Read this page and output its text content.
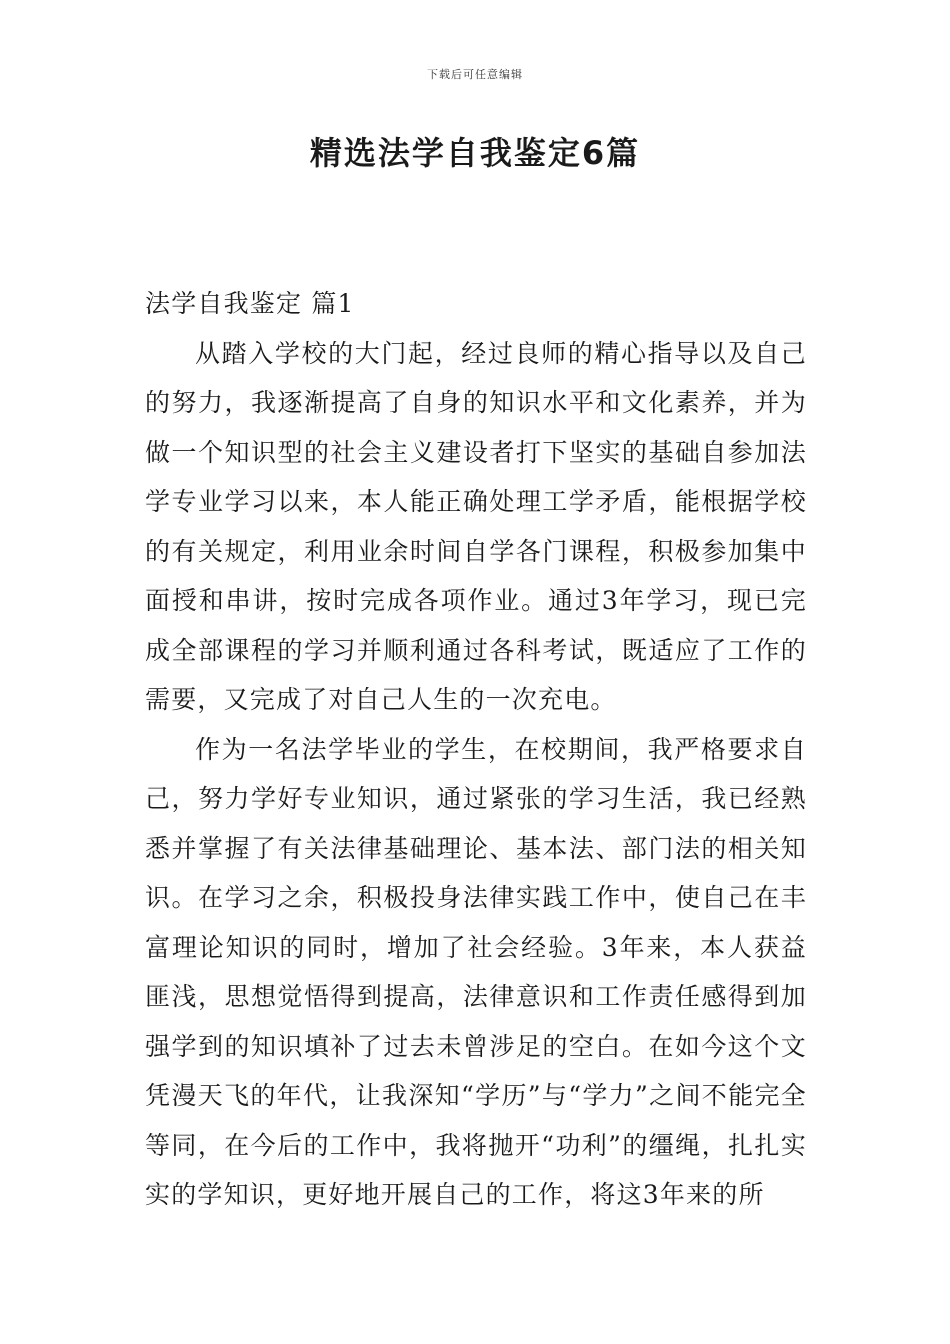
下载后可任意编辑
精选法学自我鉴定6篇
法学自我鉴定 篇1

从踏入学校的大门起，经过良师的精心指导以及自己的努力，我逐渐提高了自身的知识水平和文化素养，并为做一个知识型的社会主义建设者打下坚实的基础自参加法学专业学习以来，本人能正确处理工学矛盾，能根据学校的有关规定，利用业余时间自学各门课程，积极参加集中面授和串讲，按时完成各项作业。通过3年学习，现已完成全部课程的学习并顺利通过各科考试，既适应了工作的需要，又完成了对自己人生的一次充电。

作为一名法学毕业的学生，在校期间，我严格要求自己，努力学好专业知识，通过紧张的学习生活，我已经熟悉并掌握了有关法律基础理论、基本法、部门法的相关知识。在学习之余，积极投身法律实践工作中，使自己在丰富理论知识的同时，增加了社会经验。3年来，本人获益匪浅，思想觉悟得到提高，法律意识和工作责任感得到加强学到的知识填补了过去未曾涉足的空白。在如今这个文凭漫天飞的年代，让我深知“学历”与“学力”之间不能完全等同，在今后的工作中，我将抛开“功利”的缰绳，扎扎实实的学知识，更好地开展自己的工作，将这3年来的所
